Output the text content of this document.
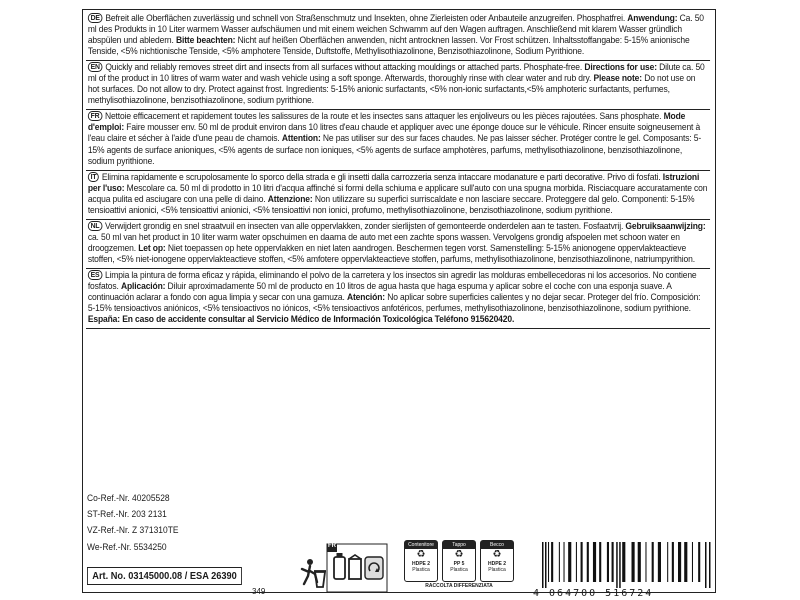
DE Befreit alle Oberflächen zuverlässig und schnell von Straßenschmutz und Insekten, ohne Zierleisten oder Anbauteile anzugreifen. Phosphatfrei. Anwendung: Ca. 50 ml des Produkts in 10 Liter warmem Wasser aufschäumen und mit einem weichen Schwamm auf den Wagen auftragen. Anschließend mit klarem Wasser gründlich abspülen und abledern. Bitte beachten: Nicht auf heißen Oberflächen anwenden, nicht antrocknen lassen. Vor Frost schützen. Inhaltsstoffangabe: 5-15% anionische Tenside, <5% nichtionische Tenside, <5% amphotere Tenside, Duftstoffe, Methylisothiazolinone, Benzisothiazolinone, Sodium Pyrithione.
EN Quickly and reliably removes street dirt and insects from all surfaces without attacking mouldings or attached parts. Phosphate-free. Directions for use: Dilute ca. 50 ml of the product in 10 litres of warm water and wash vehicle using a soft sponge. Afterwards, thoroughly rinse with clear water and rub dry. Please note: Do not use on hot surfaces. Do not allow to dry. Protect against frost. Ingredients: 5-15% anionic surfactants, <5% non-ionic surfactants,<5% amphoteric surfactants, perfumes, methylisothiazolinone, benzisothiazolinone, sodium pyrithione.
FR Nettoie efficacement et rapidement toutes les salissures de la route et les insectes sans attaquer les enjoliveurs ou les pièces rajoutées. Sans phosphate. Mode d'emploi: Faire mousser env. 50 ml de produit environ dans 10 litres d'eau chaude et appliquer avec une éponge douce sur le véhicule. Rincer ensuite soigneusement à l'eau claire et sécher à l'aide d'une peau de chamois. Attention: Ne pas utiliser sur des sur faces chaudes. Ne pas laisser sécher. Protéger contre le gel. Composants: 5-15% agents de surface anioniques, <5% agents de surface non ioniques, <5% agents de surface amphotères, parfums, methylisothiazolinone, benzisothiazolinone, sodium pyrithione.
IT Elimina rapidamente e scrupolosamente lo sporco della strada e gli insetti dalla carrozzeria senza intaccare modanature e parti decorative. Privo di fosfati. Istruzioni per l'uso: Mescolare ca. 50 ml di prodotto in 10 litri d'acqua affinché si formi della schiuma e applicare sull'auto con una spugna morbida. Risciacquare accuratamente con acqua pulita ed asciugare con una pelle di daino. Attenzione: Non utilizzare su superfici surriscaldate e non lasciare seccare. Proteggere dal gelo. Componenti: 5-15% tensioattivi anionici, <5% tensioattivi anionici, <5% tensioattivi non ionici, profumo, methylisothiazolinone, benzisothiazolinone, sodium pyrithione.
NL Verwijdert grondig en snel straatvuil en insecten van alle oppervlakken, zonder sierlijsten of gemonteerde onderdelen aan te tasten. Fosfaatvrij. Gebruiksaanwijzing: ca. 50 ml van het product in 10 liter warm water opschuimen en daarna de auto met een zachte spons wassen. Vervolgens grondig afspoelen met schoon water en droogzemen. Let op: Niet toepassen op hete oppervlakken en niet laten aandrogen. Beschermen tegen vorst. Samenstelling: 5-15% anionogene oppervlakteactieve stoffen, <5% niet-ionogene oppervlakteactieve stoffen, <5% amfotere oppervlakteactieve stoffen, parfums, methylisothiazolinone, benzisothiazolinone, natriumpyrithion.
ES Limpia la pintura de forma eficaz y rápida, eliminando el polvo de la carretera y los insectos sin agredir las molduras embellecedoras ni los accesorios. No contiene fosfatos. Aplicación: Diluir aproximadamente 50 ml de producto en 10 litros de agua hasta que haga espuma y aplicar sobre el coche con una esponja suave. A continuación aclarar a fondo con agua limpia y secar con una gamuza. Atención: No aplicar sobre superficies calientes y no dejar secar. Proteger del frío. Composición: 5-15% tensioactivos aniónicos, <5% tensioactivos no iónicos, <5% tensioactivos anfotéricos, perfumes, methylisothiazolinone, benzisothiazolinone, sodium pyrithione. España: En caso de accidente consultar al Servicio Médico de Información Toxicológica Teléfono 915620420.
Co-Ref.-Nr. 40205528
ST-Ref.-Nr. 203 2131
VZ-Ref.-Nr. Z 371310TE
We-Ref.-Nr. 5534250
Art. No. 03145000.08 / ESA 26390
349
FR	Contenitore
♻
HDPE 2
Plastica
Tappo
♻
PP 5
Plastica
Becco
♻
HDPE 2
Plastica
RACCOLTA DIFFERENZIATA
4 064700 516724
